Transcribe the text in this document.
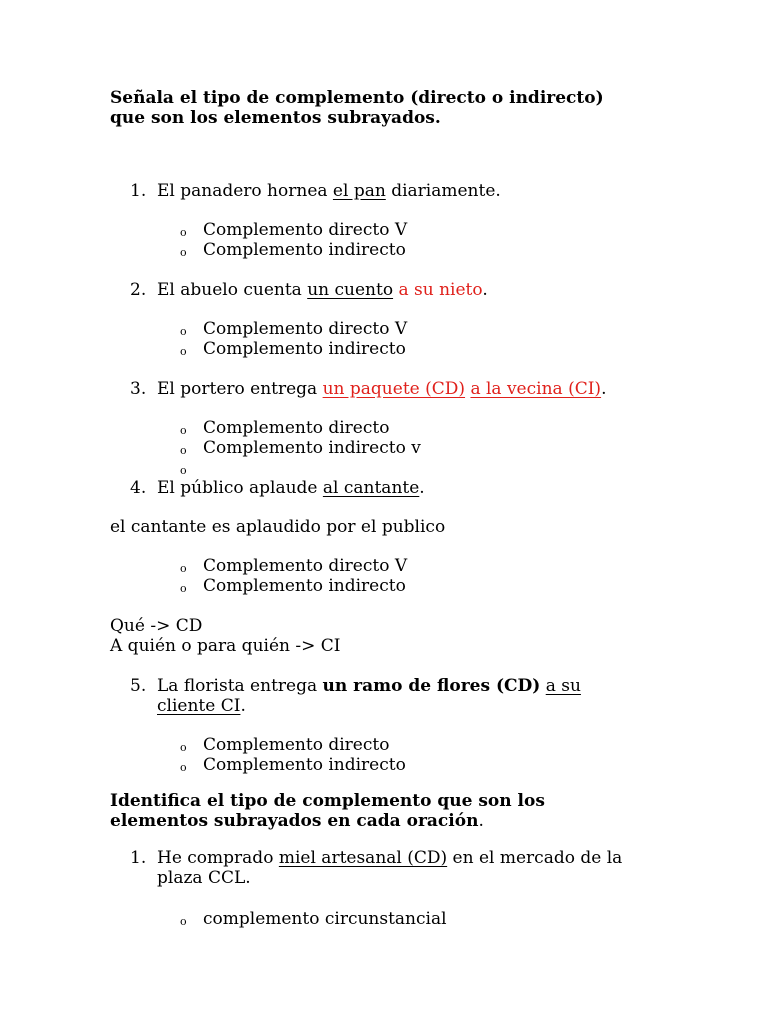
Señala el tipo de complemento (directo o indirecto)
que son los elementos subrayados.
1. El panadero hornea el pan diariamente.
o Complemento directo V
o Complemento indirecto
2. El abuelo cuenta un cuento a su nieto.
o Complemento directo V
o Complemento indirecto
3. El portero entrega un paquete (CD) a la vecina (CI).
o Complemento directo
o Complemento indirecto v
o
4. El público aplaude al cantante.
el cantante es aplaudido por el publico
o Complemento directo V
o Complemento indirecto
Qué -> CD
A quién o para quién -> CI
5. La florista entrega un ramo de flores (CD) a su
cliente CI.
o Complemento directo
o Complemento indirecto
Identifica el tipo de complemento que son los
elementos subrayados en cada oración.
1. He comprado miel artesanal (CD) en el mercado de la
plaza CCL.
o complemento circunstancial
